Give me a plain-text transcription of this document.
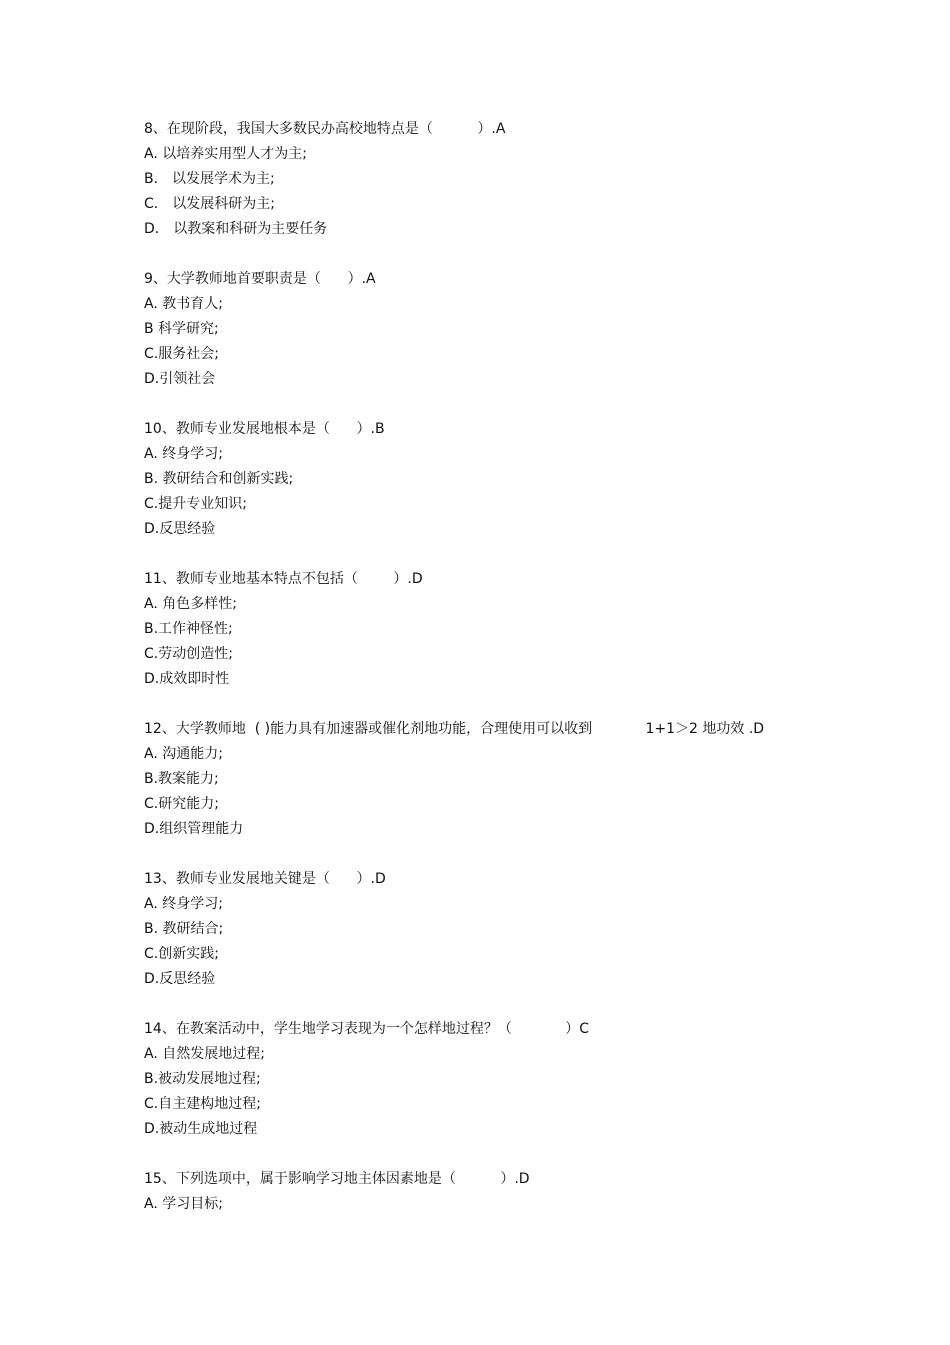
8、在现阶段，我国大多数民办高校地特点是（          ）.A
A. 以培养实用型人才为主;
B． 以发展学术为主;
C． 以发展科研为主;
D． 以教案和科研为主要任务
9、大学教师地首要职责是（      ）.A
A. 教书育人;
B 科学研究;
C.服务社会;
D.引领社会
10、教师专业发展地根本是（      ）.B
A. 终身学习;
B. 教研结合和创新实践;
C.提升专业知识;
D.反思经验
11、教师专业地基本特点不包括（        ）.D
A. 角色多样性;
B.工作神怪性;
C.劳动创造性;
D.成效即时性
12、大学教师地  ( )能力具有加速器或催化剂地功能，合理使用可以收到            1+1＞2 地功效 .D
A. 沟通能力;
B.教案能力;
C.研究能力;
D.组织管理能力
13、教师专业发展地关键是（      ）.D
A. 终身学习;
B. 教研结合;
C.创新实践;
D.反思经验
14、在教案活动中，学生地学习表现为一个怎样地过程？（            ）C
A. 自然发展地过程;
B.被动发展地过程;
C.自主建构地过程;
D.被动生成地过程
15、下列选项中，属于影响学习地主体因素地是（          ）.D
A. 学习目标;
